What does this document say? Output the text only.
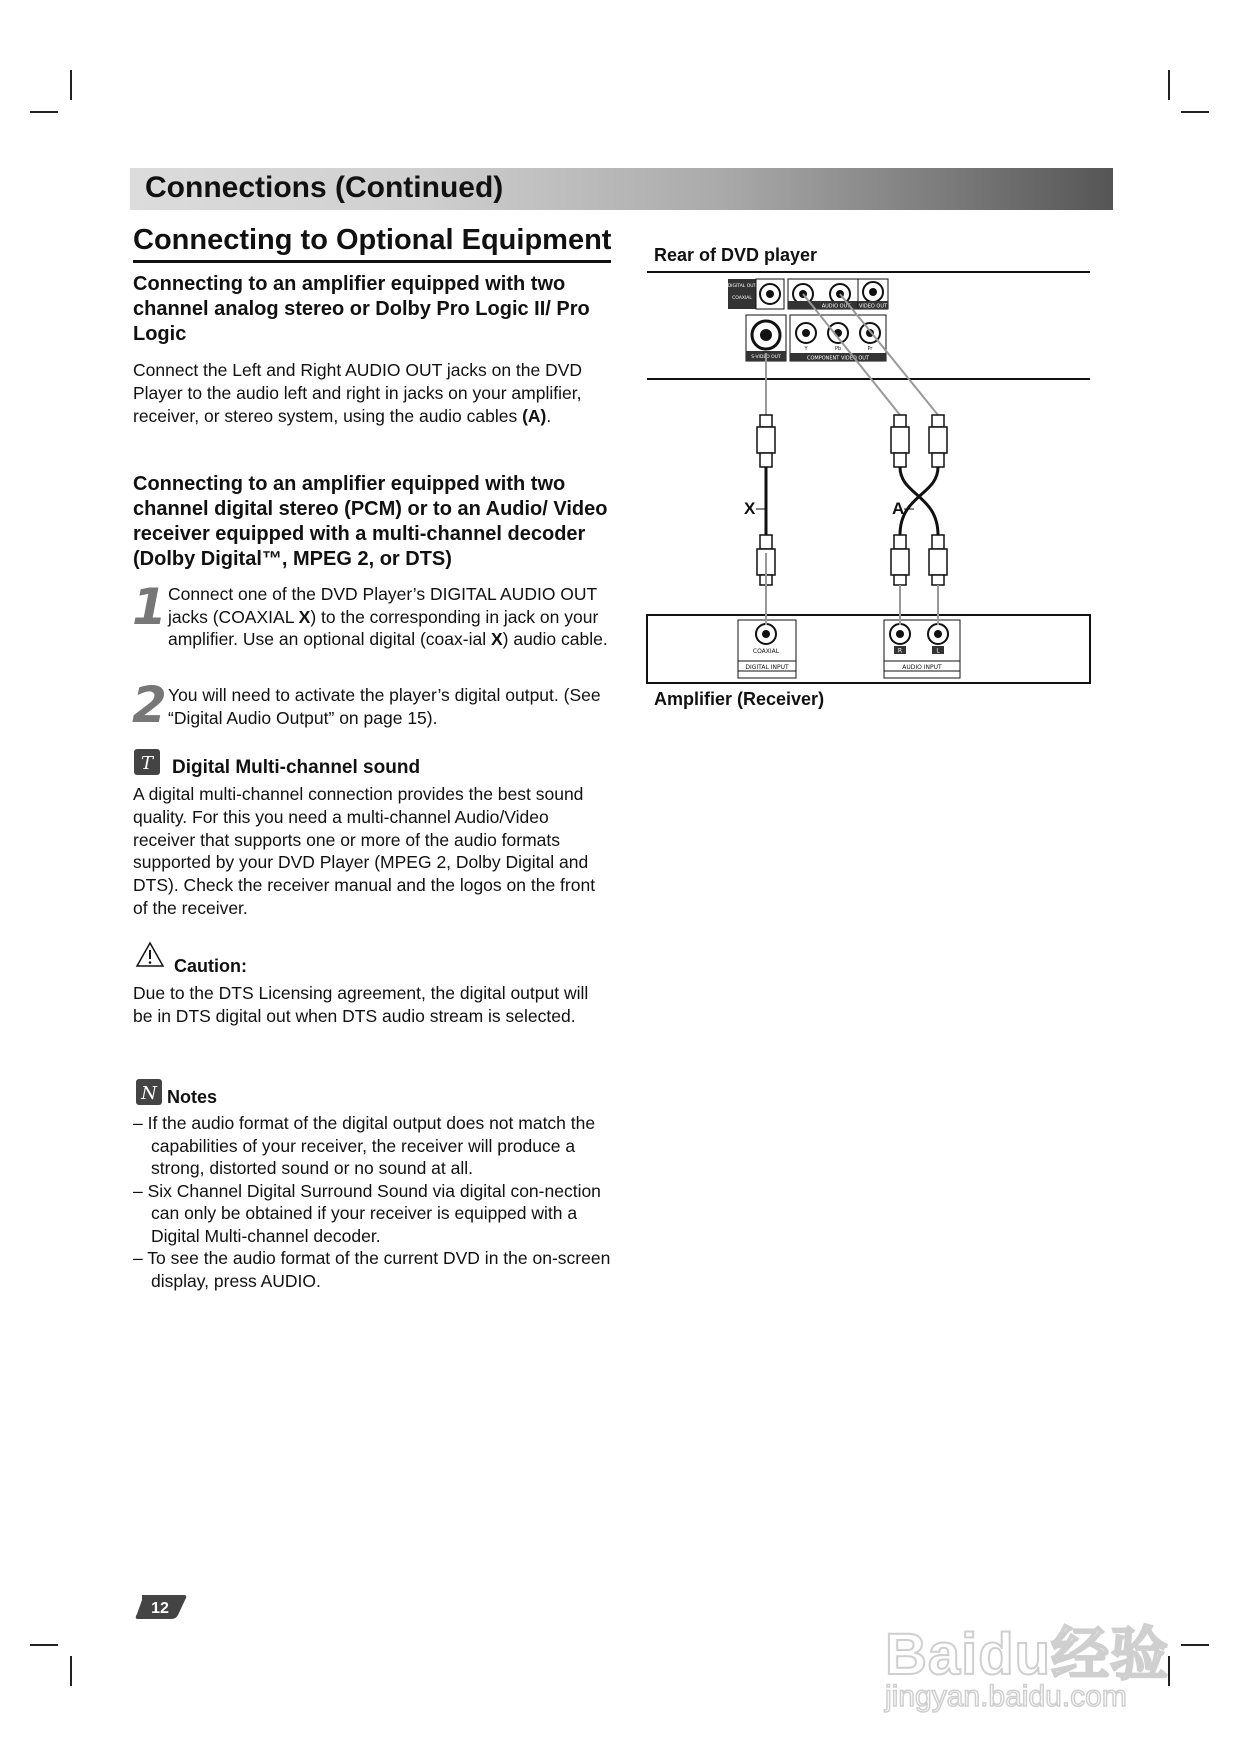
Connections (Continued)
Connecting to Optional Equipment
Connecting to an amplifier equipped with two channel analog stereo or Dolby Pro Logic II/ Pro Logic
Connect the Left and Right AUDIO OUT jacks on the DVD Player to the audio left and right in jacks on your amplifier, receiver, or stereo system, using the audio cables (A).
Connecting to an amplifier equipped with two channel digital stereo (PCM) or to an Audio/ Video receiver equipped with a multi-channel decoder (Dolby Digital™, MPEG 2, or DTS)
1 Connect one of the DVD Player’s DIGITAL AUDIO OUT jacks (COAXIAL X) to the corresponding in jack on your amplifier. Use an optional digital (coax-ial X) audio cable.
2 You will need to activate the player’s digital output. (See “Digital Audio Output” on page 15).
T Digital Multi-channel sound
A digital multi-channel connection provides the best sound quality. For this you need a multi-channel Audio/Video receiver that supports one or more of the audio formats supported by your DVD Player (MPEG 2, Dolby Digital and DTS). Check the receiver manual and the logos on the front of the receiver.
Caution:
Due to the DTS Licensing agreement, the digital output will be in DTS digital out when DTS audio stream is selected.
N Notes
– If the audio format of the digital output does not match the capabilities of your receiver, the receiver will produce a strong, distorted sound or no sound at all.
– Six Channel Digital Surround Sound via digital con-nection can only be obtained if your receiver is equipped with a Digital Multi-channel decoder.
– To see the audio format of the current DVD in the on-screen display, press AUDIO.
Rear of DVD player
Amplifier (Receiver)
DIGITAL OUT
COAXIAL
AUDIO OUT VIDEO OUT
S-VIDEO OUT
Y	Pb	Pr
COMPONENT VIDEO OUT
X	A
COAXIAL
DIGITAL INPUT
R	L
AUDIO INPUT
12
Baidu经验
jingyan.baidu.com
